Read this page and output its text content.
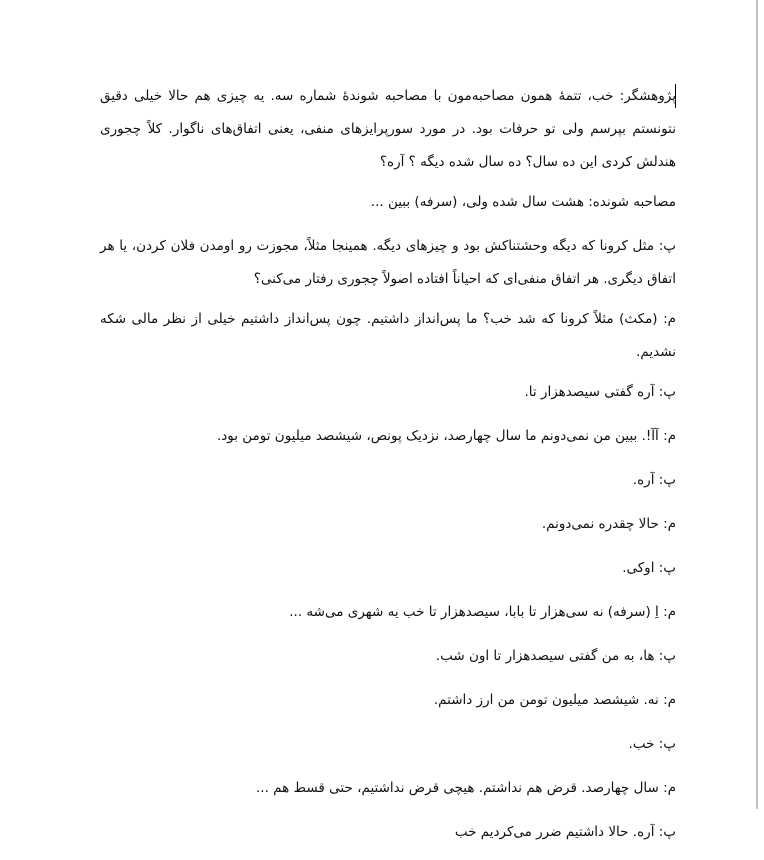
پژوهشگر: خب، تتمۀ همون مصاحبه‌مون با مصاحبه شوندۀ شماره سه. یه چیزی هم حالا خیلی دقیق نتونستم بپرسم ولی تو حرفات بود. در مورد سورپرایزهای منفی، یعنی اتفاق‌های ناگوار. کلاً چجوری هندلش کردی این ده سال؟ ده سال شده دیگه ؟ آره؟

مصاحبه شونده: هشت سال شده ولی، (سرفه) ببین ...

پ: مثل کرونا که دیگه وحشتناکش بود و چیزهای دیگه. همینجا مثلاً، مجوزت رو اومدن فلان کردن، یا هر اتفاق دیگری. هر اتفاق منفی‌ای که احیاناً افتاده اصولاً چجوری رفتار می‌کنی؟

م: (مکث) مثلاً کرونا که شد خب؟ ما پس‌انداز داشتیم. چون پس‌انداز داشتیم خیلی از نظر مالی شکه نشدیم.

پ: آره گفتی سیصدهزار تا.

م: آآ!. ببین من نمی‌دونم ما سال چهارصد، نزدیک پونص، شیشصد میلیون تومن بود.

پ: آره.

م: حالا چقدره نمی‌دونم.

پ: اوکی.

م: اِ (سرفه) نه سی‌هزار تا بابا، سیصدهزار تا خب یه شهری می‌شه ...

پ: ها، به من گفتی سیصدهزار تا اون شب.

م: نه. شیشصد میلیون تومن من ارز داشتم.

پ: خب.

م: سال چهارصد. قرض هم نداشتم. هیچی قرض نداشتیم، حتی قسط هم ...

پ: آره. حالا داشتیم ضرر می‌کردیم خب
